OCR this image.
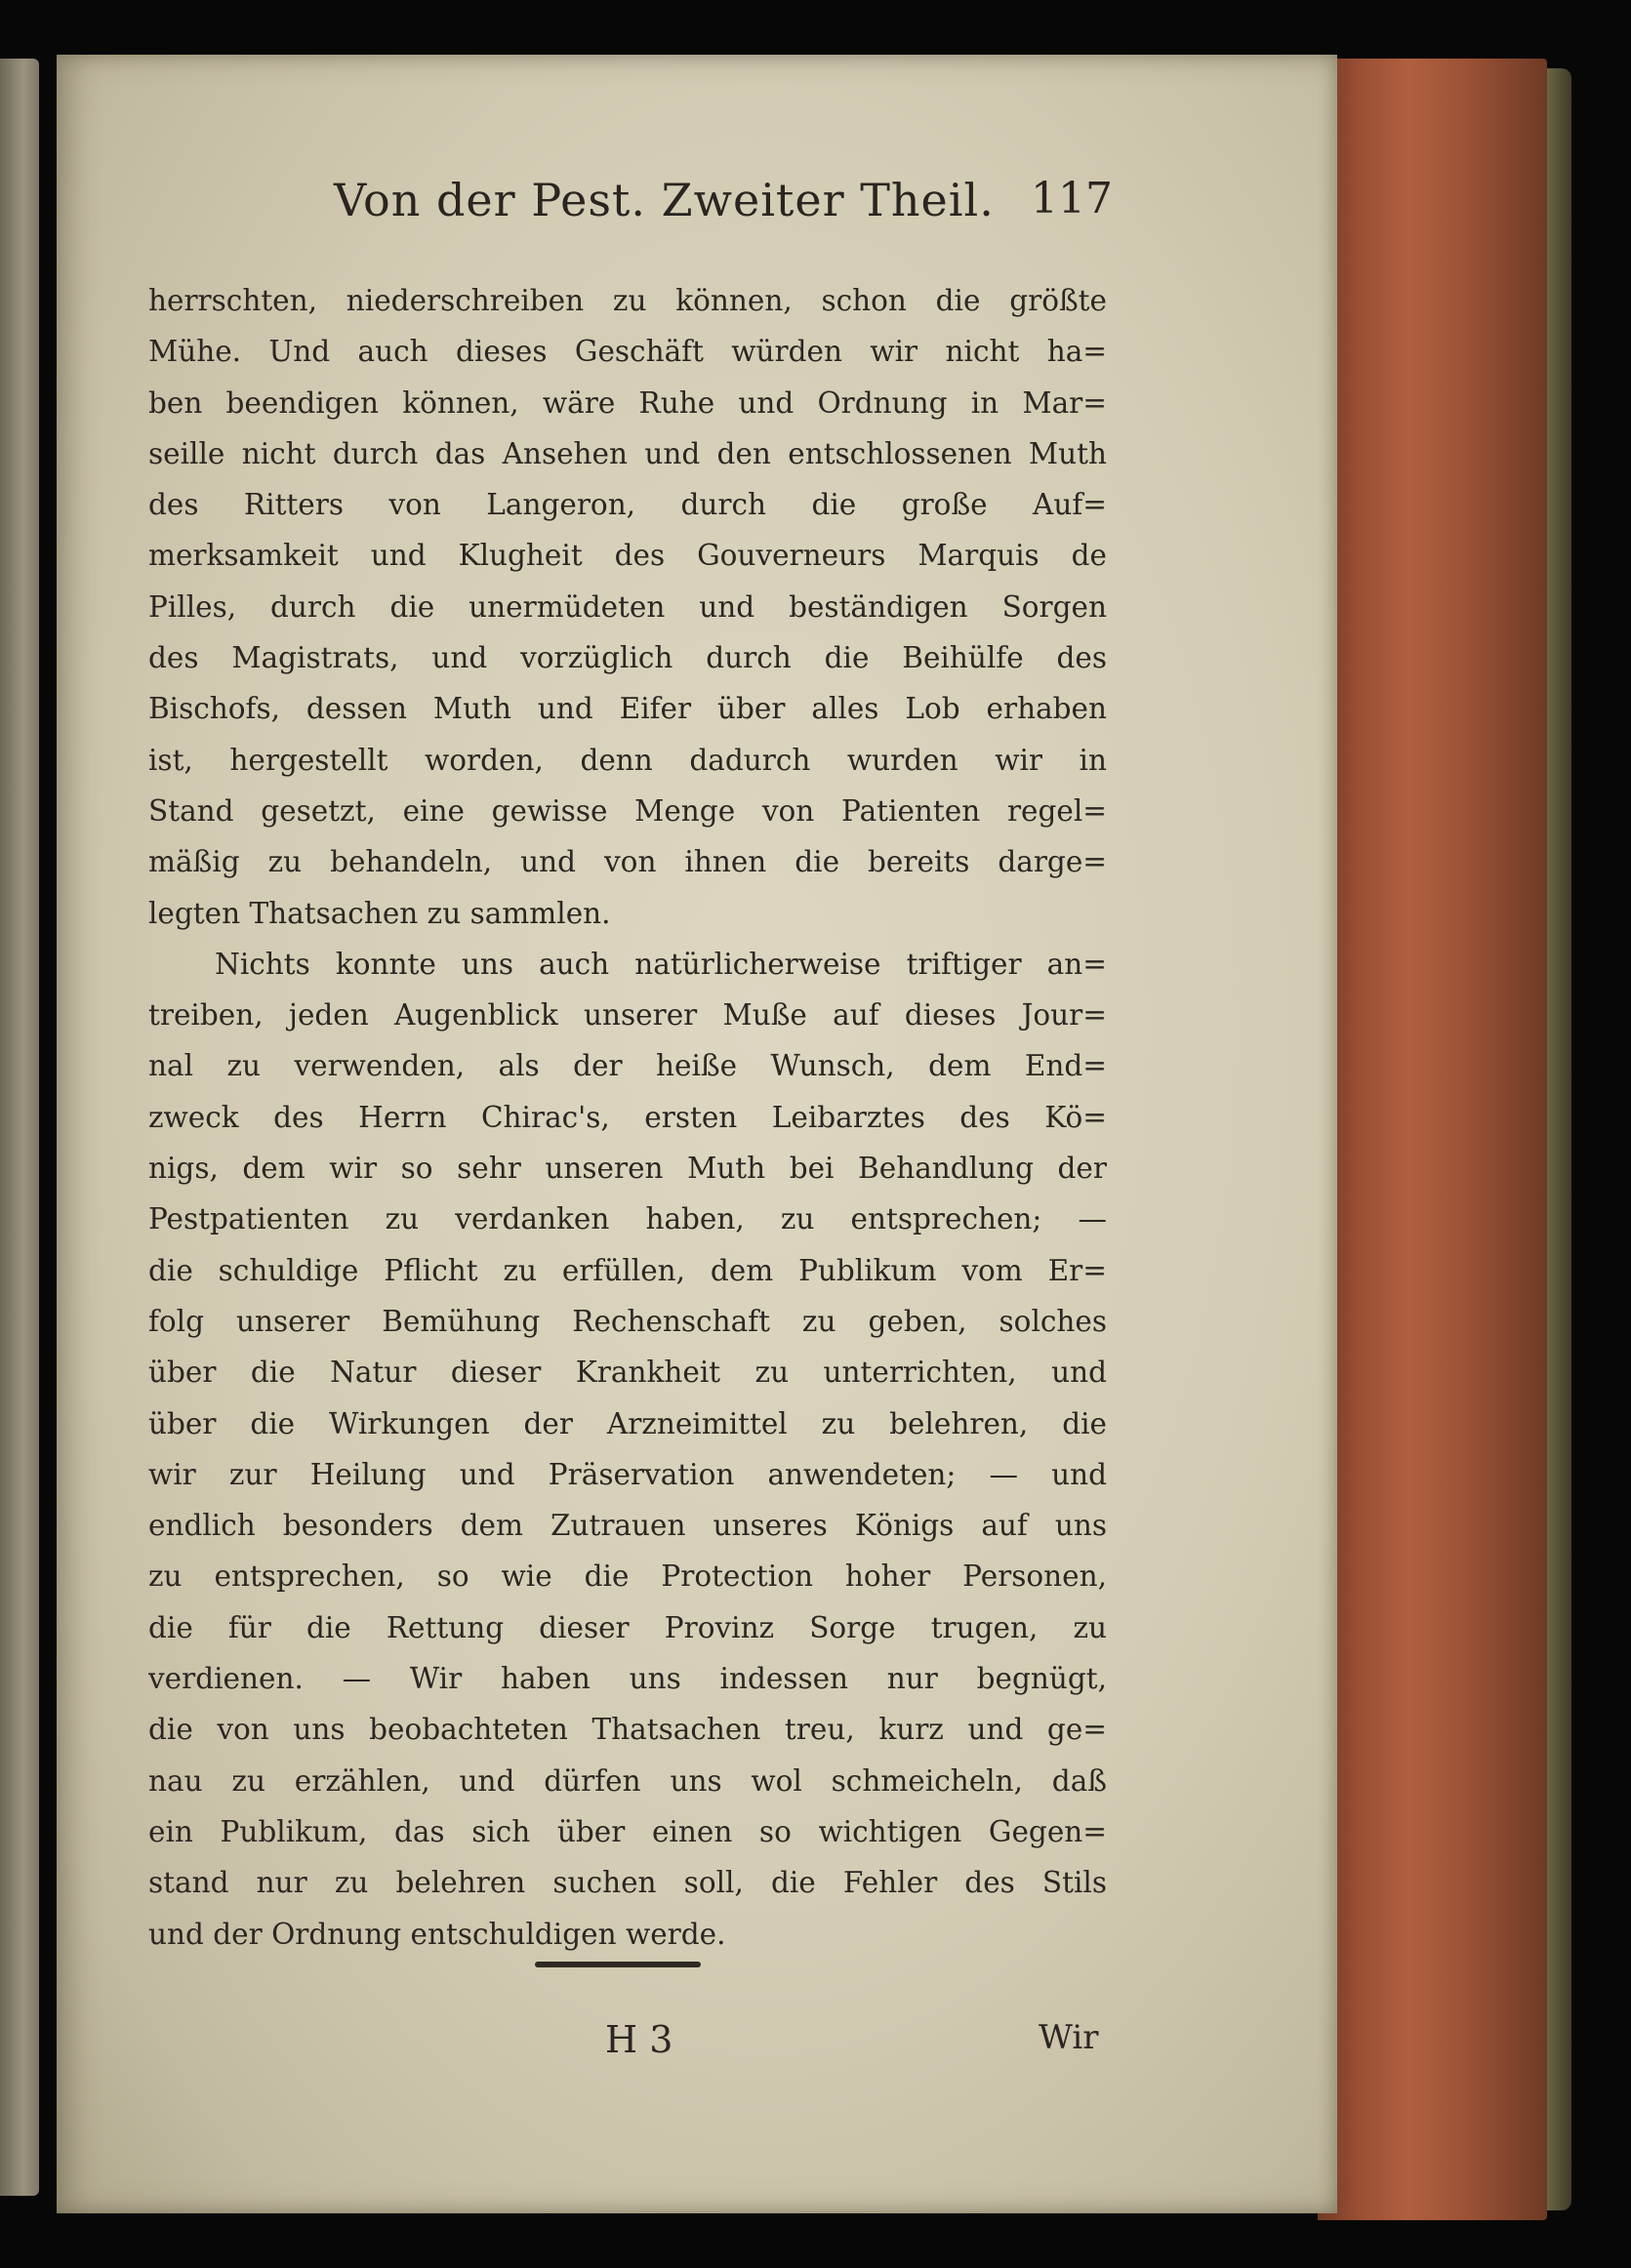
Von der Pest. Zweiter Theil. 117
herrschten, niederschreiben zu können, schon die größte
Mühe. Und auch dieses Geschäft würden wir nicht ha=
ben beendigen können, wäre Ruhe und Ordnung in Mar=
seille nicht durch das Ansehen und den entschlossenen Muth
des Ritters von Langeron, durch die große Auf=
merksamkeit und Klugheit des Gouverneurs Marquis de
Pilles, durch die unermüdeten und beständigen Sorgen
des Magistrats, und vorzüglich durch die Beihülfe des
Bischofs, dessen Muth und Eifer über alles Lob erhaben
ist, hergestellt worden, denn dadurch wurden wir in
Stand gesetzt, eine gewisse Menge von Patienten regel=
mäßig zu behandeln, und von ihnen die bereits darge=
legten Thatsachen zu sammlen.
Nichts konnte uns auch natürlicherweise triftiger an=
treiben, jeden Augenblick unserer Muße auf dieses Jour=
nal zu verwenden, als der heiße Wunsch, dem End=
zweck des Herrn Chirac's, ersten Leibarztes des Kö=
nigs, dem wir so sehr unseren Muth bei Behandlung der
Pestpatienten zu verdanken haben, zu entsprechen; —
die schuldige Pflicht zu erfüllen, dem Publikum vom Er=
folg unserer Bemühung Rechenschaft zu geben, solches
über die Natur dieser Krankheit zu unterrichten, und
über die Wirkungen der Arzneimittel zu belehren, die
wir zur Heilung und Präservation anwendeten; — und
endlich besonders dem Zutrauen unseres Königs auf uns
zu entsprechen, so wie die Protection hoher Personen,
die für die Rettung dieser Provinz Sorge trugen, zu
verdienen. — Wir haben uns indessen nur begnügt,
die von uns beobachteten Thatsachen treu, kurz und ge=
nau zu erzählen, und dürfen uns wol schmeicheln, daß
ein Publikum, das sich über einen so wichtigen Gegen=
stand nur zu belehren suchen soll, die Fehler des Stils
und der Ordnung entschuldigen werde.
H 3	Wir
